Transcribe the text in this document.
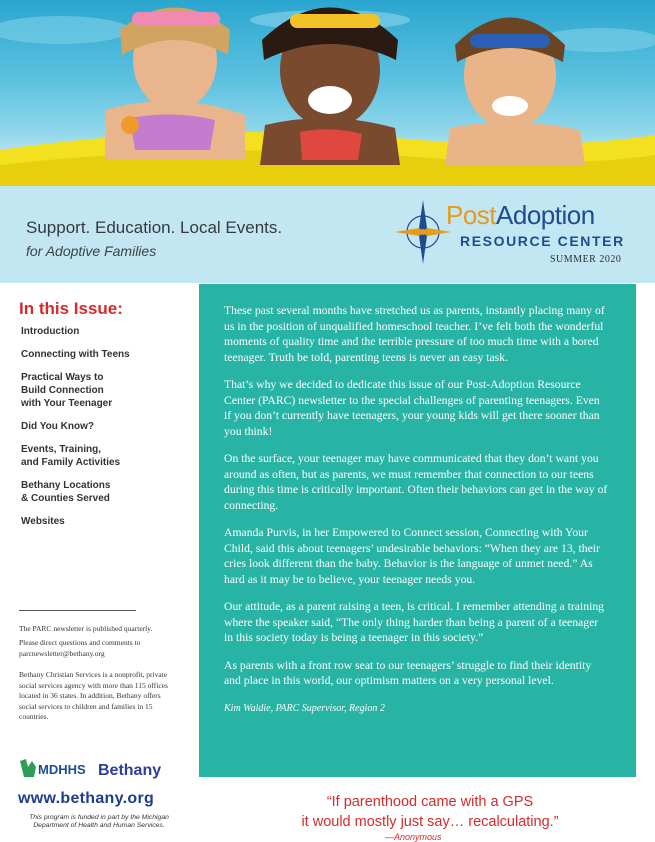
Support. Education. Local Events.
for Adoptive Families
PostAdoption
RESOURCE CENTER
SUMMER 2020
In this Issue:
Introduction
Connecting with Teens
Practical Ways to
Build Connection
with Your Teenager
Did You Know?
Events, Training,
and Family Activities
Bethany Locations
& Counties Served
Websites
The PARC newsletter is published quarterly.
Please direct questions and comments to
parcnewsletter@bethany.org
Bethany Christian Services is a nonprofit, private social services agency with more than 115 offices located in 36 states. In addition, Bethany offers social services to children and families in 15 countries.
MDHHS Bethany
www.bethany.org
This program is funded in part by the Michigan Department of Health and Human Services.

These past several months have stretched us as parents, instantly placing many of us in the position of unqualified homeschool teacher. I’ve felt both the wonderful moments of quality time and the terrible pressure of too much time with a bored teenager. Truth be told, parenting teens is never an easy task.

That’s why we decided to dedicate this issue of our Post-Adoption Resource Center (PARC) newsletter to the special challenges of parenting teenagers. Even if you don’t currently have teenagers, your young kids will get there sooner than you think!

On the surface, your teenager may have communicated that they don’t want you around as often, but as parents, we must remember that connection to our teens during this time is critically important. Often their behaviors can get in the way of connecting.

Amanda Purvis, in her Empowered to Connect session, Connecting with Your Child, said this about teenagers’ undesirable behaviors: “When they are 13, their cries look different than the baby. Behavior is the language of unmet need.” As hard as it may be to believe, your teenager needs you.

Our attitude, as a parent raising a teen, is critical. I remember attending a training where the speaker said, “The only thing harder than being a parent of a teenager in this society today is being a teenager in this society.”

As parents with a front row seat to our teenagers’ struggle to find their identity and place in this world, our optimism matters on a very personal level.

Kim Waldie, PARC Supervisor, Region 2
“If parenthood came with a GPS
it would mostly just say… recalculating.”
—Anonymous
